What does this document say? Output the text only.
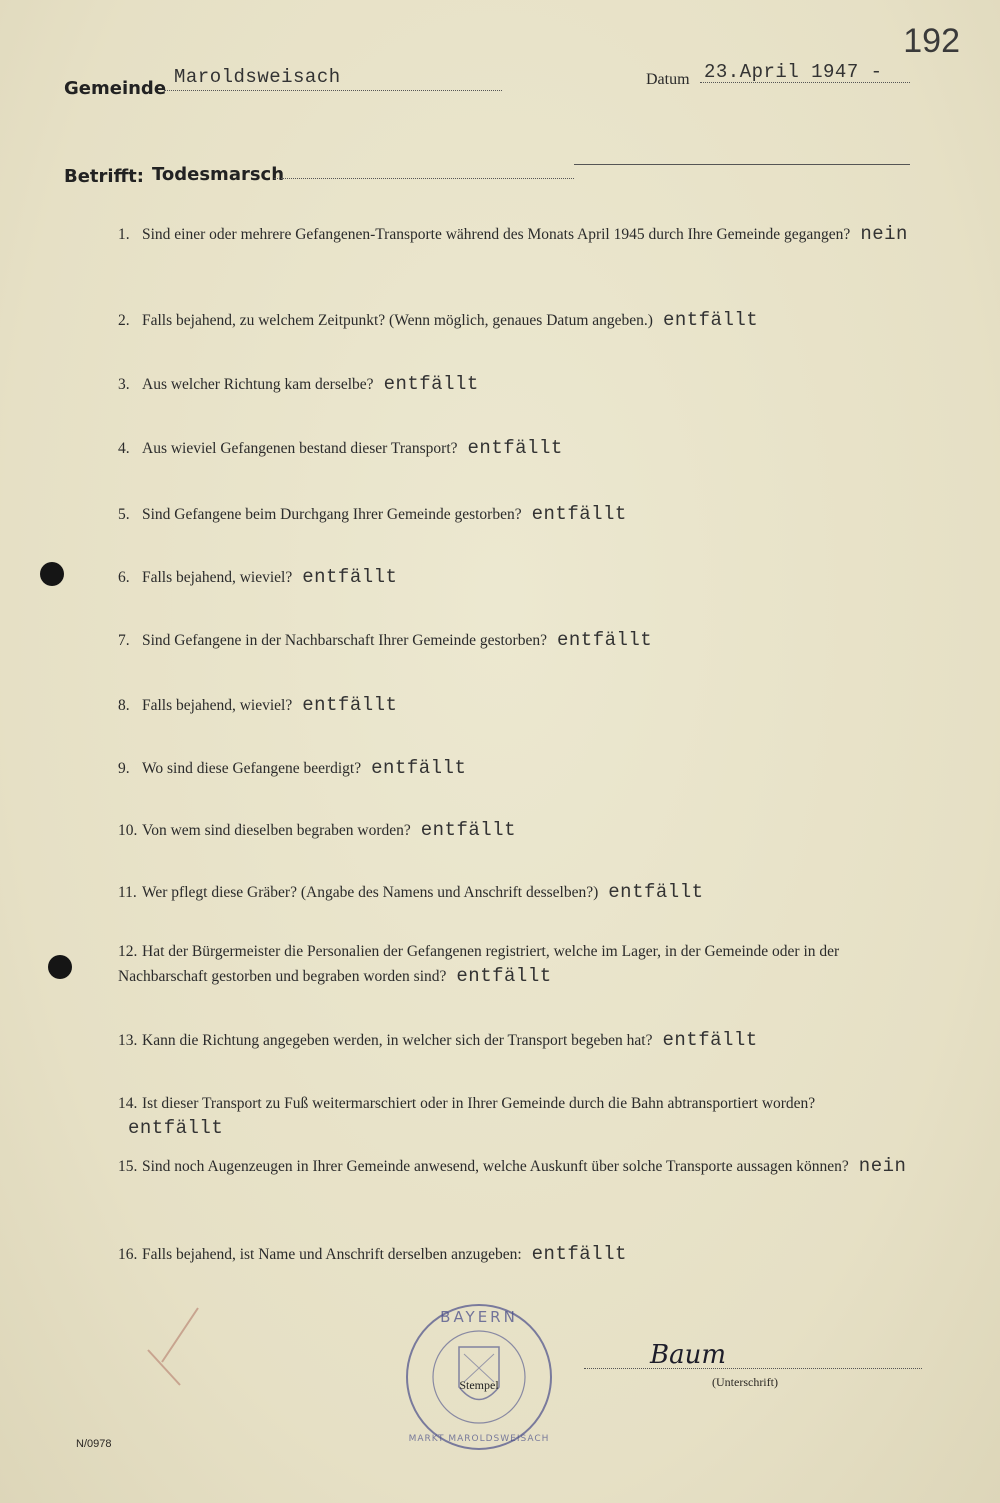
192
Gemeinde
Maroldsweisach	Datum 23.April 1947 -
Betrifft: Todesmarsch
1. Sind einer oder mehrere Gefangenen-Transporte während des Monats April 1945 durch Ihre Gemeinde gegangen? nein
2. Falls bejahend, zu welchem Zeitpunkt? (Wenn möglich, genaues Datum angeben.) entfällt
3. Aus welcher Richtung kam derselbe? entfällt
4. Aus wieviel Gefangenen bestand dieser Transport? entfällt
5. Sind Gefangene beim Durchgang Ihrer Gemeinde gestorben? entfällt
6. Falls bejahend, wieviel? entfällt
7. Sind Gefangene in der Nachbarschaft Ihrer Gemeinde gestorben? entfällt
8. Falls bejahend, wieviel? entfällt
9. Wo sind diese Gefangene beerdigt? entfällt
10. Von wem sind dieselben begraben worden? entfällt
11. Wer pflegt diese Gräber? (Angabe des Namens und Anschrift desselben?) entfällt
12. Hat der Bürgermeister die Personalien der Gefangenen registriert, welche im Lager, in der Gemeinde oder in der Nachbarschaft gestorben und begraben worden sind? entfällt
13. Kann die Richtung angegeben werden, in welcher sich der Transport begeben hat? entfällt
14. Ist dieser Transport zu Fuß weitermarschiert oder in Ihrer Gemeinde durch die Bahn abtransportiert worden?entfällt
15. Sind noch Augenzeugen in Ihrer Gemeinde anwesend, welche Auskunft über solche Transporte aussagen können? nein
16. Falls bejahend, ist Name und Anschrift derselben anzugeben: entfällt
BAYERN
MARKT MAROLDSWEISACH
Stempel
Baum
(Unterschrift)
N/0978
